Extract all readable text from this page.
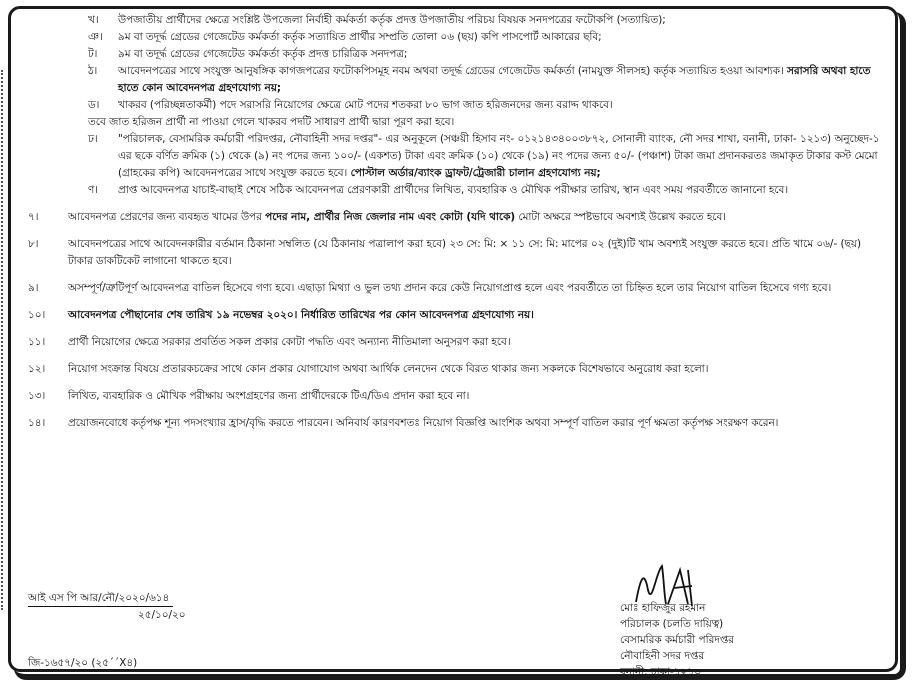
খ।	উপজাতীয় প্রার্থীদের ক্ষেত্রে সংশ্লিষ্ট উপজেলা নির্বাহী কর্মকর্তা কর্তৃক প্রদত্ত উপজাতীয় পরিচয় বিষয়ক সনদপত্রের ফটোকপি (সত্যায়িত);
ঞ।	৯ম বা তদূর্দ্ধ গ্রেডের গেজেটেড কর্মকর্তা কর্তৃক সত্যায়িত প্রার্থীর সম্প্রতি তোলা ০৬ (ছয়) কপি পাসপোর্ট আকারের ছবি;
ট।	৯ম বা তদূর্দ্ধ গ্রেডের গেজেটেড কর্মকর্তা কর্তৃক প্রদত্ত চারিত্রিক সনদপত্র;
ঠ।	আবেদনপত্রের সাথে সংযুক্ত আনুষঙ্গিক কাগজপত্রের ফটোকপিসমূহ নবম অথবা তদূর্দ্ধ গ্রেডের গেজেটেড কর্মকর্তা (নামযুক্ত সীলসহ) কর্তৃক সত্যায়িত হওয়া আবশ্যক। সরাসরি অথবা হাতে হাতে কোন আবেদনপত্র গ্রহণযোগ্য নয়;
ড।	খাকরব (পরিচ্ছন্নতাকর্মী) পদে সরাসরি নিয়োগের ক্ষেত্রে মোট পদের শতকরা ৮০ ভাগ জাত হরিজনদের জন্য বরাদ্দ থাকবে।
তবে জাত হরিজন প্রার্থী না পাওয়া গেলে খাকরব পদটি সাধারণ প্রার্থী দ্বারা পূরণ করা হবে।
ঢ।	"পরিচালক, বেসামরিক কর্মচারী পরিদপ্তর, নৌবাহিনী সদর দপ্তর"- এর অনুকূলে (সঞ্চয়ী হিসাব নং- ০১২১৪৩৪০০৩৮৭২, সোনালী ব্যাংক, নৌ সদর শাখা, বনানী, ঢাকা- ১২১৩) অনুচ্ছেদ-১ এর ছকে বর্ণিত ক্রমিক (১) থেকে (৯) নং পদের জন্য ১০০/- (একশত) টাকা এবং ক্রমিক (১০) থেকে (১৯) নং পদের জন্য ৫০/- (পঞ্চাশ) টাকা জমা প্রদানকরতঃ জমাকৃত টাকার কস্ট মেমো (গ্রাহকের কপি) আবেদনপত্রের সাথে সংযুক্ত করতে হবে। পোস্টাল অর্ডার/ব্যাংক ড্রাফট/ট্রেজারী চালান গ্রহণযোগ্য নয়;
ণ।	প্রাপ্ত আবেদনপত্র যাচাই-বাছাই শেষে সঠিক আবেদনপত্র প্রেরণকারী প্রার্থীদের লিখিত, ব্যবহারিক ও মৌখিক পরীক্ষার তারিখ, স্থান এবং সময় পরবর্তীতে জানানো হবে।
৭।	আবেদনপত্র প্রেরণের জন্য ব্যবহৃত খামের উপর পদের নাম, প্রার্থীর নিজ জেলার নাম এবং কোটা (যদি থাকে) মোটা অক্ষরে স্পষ্টভাবে অবশ্যই উল্লেখ করতে হবে।
৮।	আবেদনপত্রের সাথে আবেদনকারীর বর্তমান ঠিকানা সম্বলিত (যে ঠিকানায় পত্রালাপ করা হবে) ২৩ সে: মি: × ১১ সে: মি: মাপের ০২ (দুই)টি খাম অবশ্যই সংযুক্ত করতে হবে। প্রতি খামে ০৬/- (ছয়) টাকার ডাকটিকেট লাগানো থাকতে হবে।
৯।	অসম্পূর্ণ/ত্রুটিপূর্ণ আবেদনপত্র বাতিল হিসেবে গণ্য হবে। এছাড়া মিথ্যা ও ভুল তথ্য প্রদান করে কেউ নিয়োগপ্রাপ্ত হলে এবং পরবর্তীতে তা চিহ্নিত হলে তার নিয়োগ বাতিল হিসেবে গণ্য হবে।
১০।	আবেদনপত্র পৌছানোর শেষ তারিখ ১৯ নভেম্বর ২০২০। নির্ধারিত তারিখের পর কোন আবেদনপত্র গ্রহণযোগ্য নয়।
১১।	প্রার্থী নিয়োগের ক্ষেত্রে সরকার প্রবর্তিত সকল প্রকার কোটা পদ্ধতি এবং অন্যান্য নীতিমালা অনুসরণ করা হবে।
১২।	নিয়োগ সংক্রান্ত বিষয়ে প্রতারকচক্রের সাথে কোন প্রকার যোগাযোগ অথবা আর্থিক লেনদেন থেকে বিরত থাকার জন্য সকলকে বিশেষভাবে অনুরোধ করা হলো।
১৩।	লিখিত, ব্যবহারিক ও মৌখিক পরীক্ষায় অংশগ্রহণের জন্য প্রার্থীদেরকে টিএ/ডিএ প্রদান করা হবে না।
১৪।	প্রয়োজনবোধে কর্তৃপক্ষ শূন্য পদসংখ্যার হ্রাস/বৃদ্ধি করতে পারবেন। অনিবার্য কারণবশতঃ নিয়োগ বিজ্ঞপ্তি আংশিক অথবা সম্পূর্ণ বাতিল করার পূর্ণ ক্ষমতা কর্তৃপক্ষ সংরক্ষণ করেন।
আই এস পি আর/নৌ/২০২০/৬১৪
২৫/১০/২০
জি-১৬৫৭/২০ (২৫´´X৪)
মোঃ হাফিজুর রহমান
পরিচালক (চলতি দায়িত্ব)
বেসামরিক কর্মচারী পরিদপ্তর
নৌবাহিনী সদর দপ্তর
বনানী, ঢাকা-১২১৩
